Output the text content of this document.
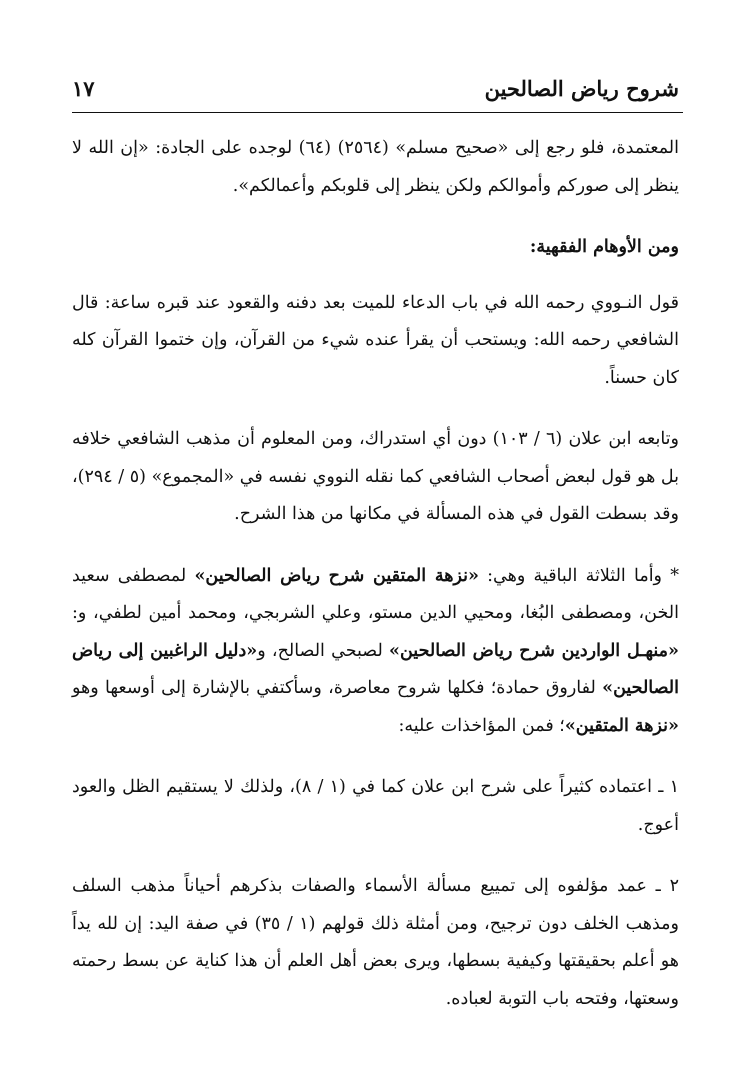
شروح رياض الصالحين
١٧

المعتمدة، فلو رجع إلى «صحيح مسلم» (٢٥٦٤) (٦٤) لوجده على الجادة: «إن الله لا ينظر إلى صوركم وأموالكم ولكن ينظر إلى قلوبكم وأعمالكم».

ومن الأوهام الفقهية:

قول النـووي رحمه الله في باب الدعاء للميت بعد دفنه والقعود عند قبره ساعة: قال الشافعي رحمه الله: ويستحب أن يقرأ عنده شيء من القرآن، وإن ختموا القرآن كله كان حسناً.

وتابعه ابن علان (٦ / ١٠٣) دون أي استدراك، ومن المعلوم أن مذهب الشافعي خلافه بل هو قول لبعض أصحاب الشافعي كما نقله النووي نفسه في «المجموع» (٥ / ٢٩٤)، وقد بسطت القول في هذه المسألة في مكانها من هذا الشرح.

* وأما الثلاثة الباقية وهي: «نزهة المتقين شرح رياض الصالحين» لمصطفى سعيد الخن، ومصطفى البُغا، ومحيي الدين مستو، وعلي الشربجي، ومحمد أمين لطفي، و: «منهـل الواردين شرح رياض الصالحين» لصبحي الصالح، و«دليل الراغبين إلى رياض الصالحين» لفاروق حمادة؛ فكلها شروح معاصرة، وسأكتفي بالإشارة إلى أوسعها وهو «نزهة المتقين»؛ فمن المؤاخذات عليه:

١ ـ اعتماده كثيراً على شرح ابن علان كما في (١ / ٨)، ولذلك لا يستقيم الظل والعود أعوج.

٢ ـ عمد مؤلفوه إلى تمييع مسألة الأسماء والصفات بذكرهم أحياناً مذهب السلف ومذهب الخلف دون ترجيح، ومن أمثلة ذلك قولهم (١ / ٣٥) في صفة اليد: إن لله يداً هو أعلم بحقيقتها وكيفية بسطها، ويرى بعض أهل العلم أن هذا كناية عن بسط رحمته وسعتها، وفتحه باب التوبة لعباده.
